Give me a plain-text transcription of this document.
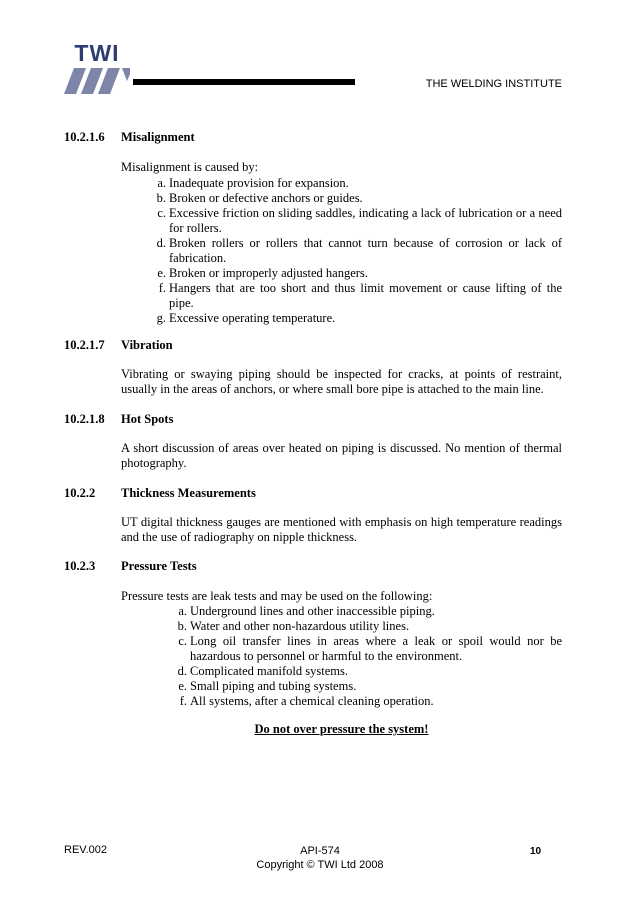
TWI
THE WELDING INSTITUTE
10.2.1.6 Misalignment
Misalignment is caused by:
a. Inadequate provision for expansion.
b. Broken or defective anchors or guides.
c. Excessive friction on sliding saddles, indicating a lack of lubrication or a need for rollers.
d. Broken rollers or rollers that cannot turn because of corrosion or lack of fabrication.
e. Broken or improperly adjusted hangers.
f. Hangers that are too short and thus limit movement or cause lifting of the pipe.
g. Excessive operating temperature.
10.2.1.7 Vibration
Vibrating or swaying piping should be inspected for cracks, at points of restraint, usually in the areas of anchors, or where small bore pipe is attached to the main line.
10.2.1.8 Hot Spots
A short discussion of areas over heated on piping is discussed. No mention of thermal photography.
10.2.2 Thickness Measurements
UT digital thickness gauges are mentioned with emphasis on high temperature readings and the use of radiography on nipple thickness.
10.2.3 Pressure Tests
Pressure tests are leak tests and may be used on the following:
a. Underground lines and other inaccessible piping.
b. Water and other non-hazardous utility lines.
c. Long oil transfer lines in areas where a leak or spoil would nor be hazardous to personnel or harmful to the environment.
d. Complicated manifold systems.
e. Small piping and tubing systems.
f. All systems, after a chemical cleaning operation.
Do not over pressure the system!
REV.002	API-574
Copyright © TWI Ltd 2008
10
